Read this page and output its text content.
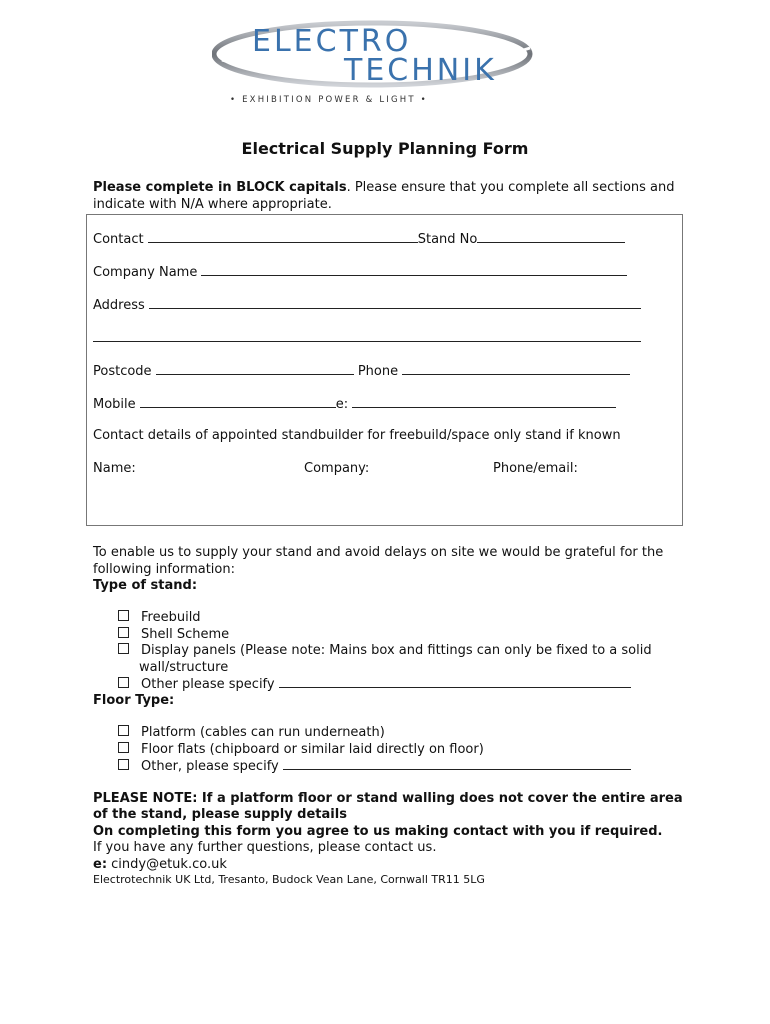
ELECTRO
TECHNIK
• EXHIBITION POWER & LIGHT •
Electrical Supply Planning Form
Please complete in BLOCK capitals. Please ensure that you complete all sections and indicate with N/A where appropriate.
Contact	Stand No
Company Name
Address
Postcode	Phone
Mobile	e:
Contact details of appointed standbuilder for freebuild/space only stand if known
Name:	Company:	Phone/email:
To enable us to supply your stand and avoid delays on site we would be grateful for the following information:
Type of stand:
Freebuild
Shell Scheme
Display panels (Please note: Mains box and fittings can only be fixed to a solid
wall/structure
Other please specify
Floor Type:
Platform (cables can run underneath)
Floor flats (chipboard or similar laid directly on floor)
Other, please specify
PLEASE NOTE: If a platform floor or stand walling does not cover the entire area
of the stand, please supply details
On completing this form you agree to us making contact with you if required.
If you have any further questions, please contact us.
e: cindy@etuk.co.uk
Electrotechnik UK Ltd, Tresanto, Budock Vean Lane, Cornwall TR11 5LG
